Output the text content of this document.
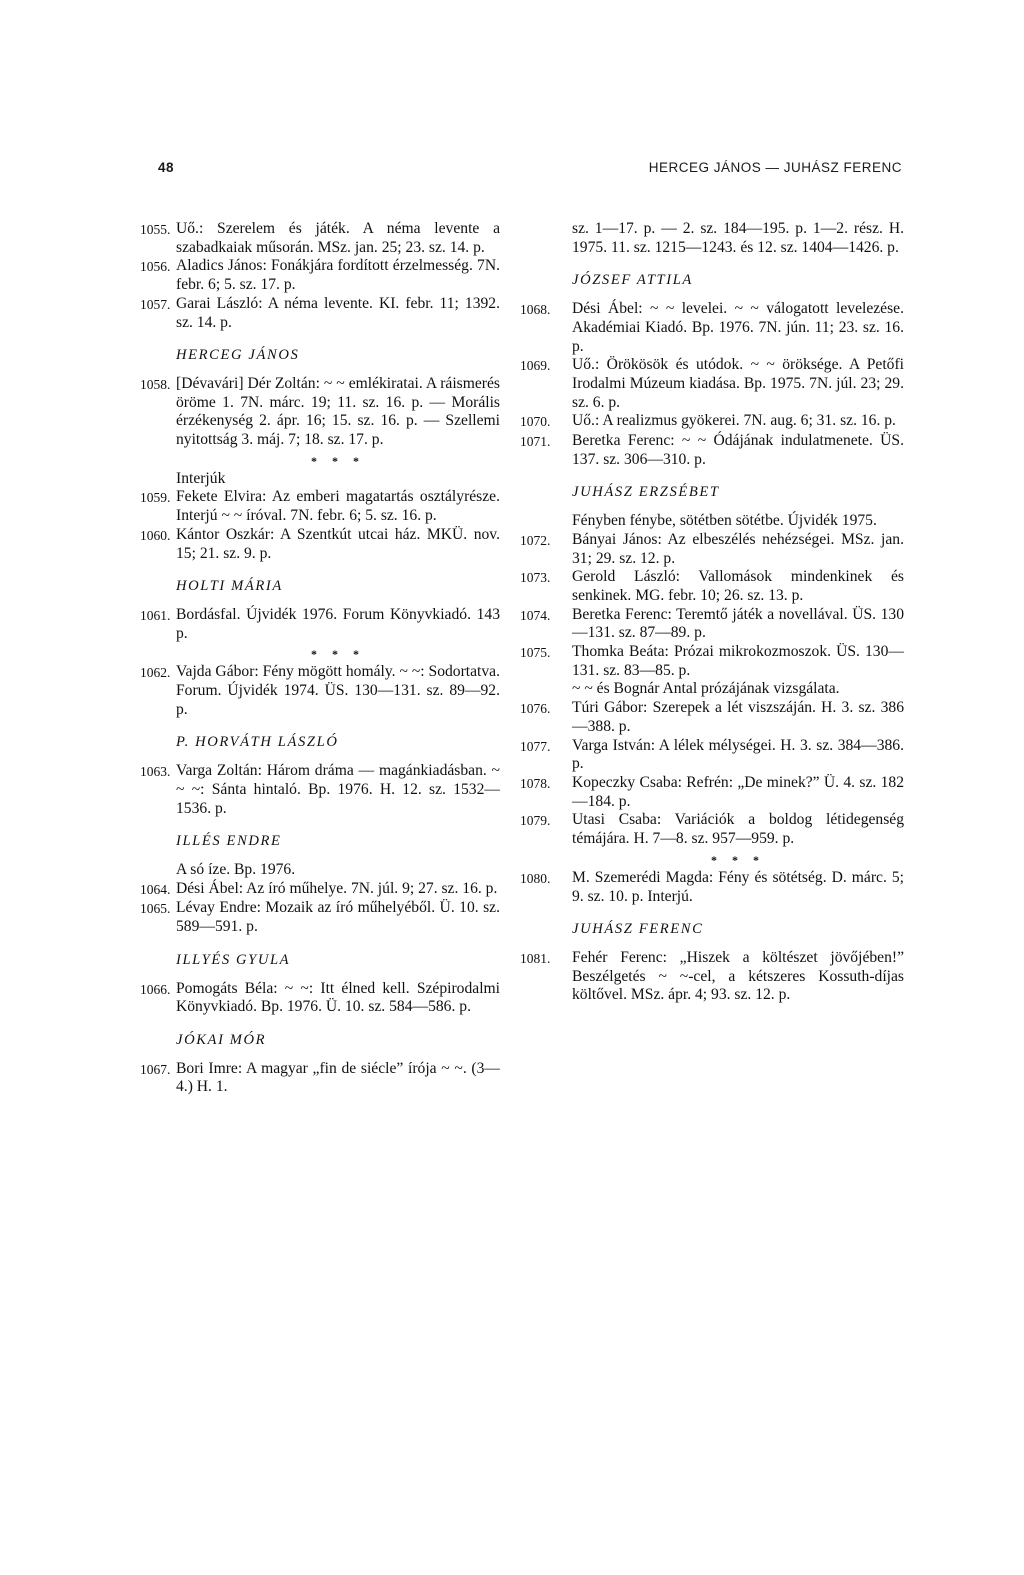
48	HERCEG JÁNOS — JUHÁSZ FERENC
1055. Uő.: Szerelem és játék. A néma levente a szabadkaiak műsorán. MSz. jan. 25; 23. sz. 14. p.
1056. Aladics János: Fonákjára fordított érzelmesség. 7N. febr. 6; 5. sz. 17. p.
1057. Garai László: A néma levente. KI. febr. 11; 1392. sz. 14. p.
HERCEG JÁNOS
1058. [Dévavári] Dér Zoltán: ~ ~ emlékiratai. A ráismerés öröme 1. 7N. márc. 19; 11. sz. 16. p. — Morális érzékenység 2. ápr. 16; 15. sz. 16. p. — Szellemi nyitottság 3. máj. 7; 18. sz. 17. p.
* * *
Interjúk
1059. Fekete Elvira: Az emberi magatartás osztályrésze. Interjú ~ ~ íróval. 7N. febr. 6; 5. sz. 16. p.
1060. Kántor Oszkár: A Szentkút utcai ház. MKÜ. nov. 15; 21. sz. 9. p.
HOLTI MÁRIA
1061. Bordásfal. Újvidék 1976. Forum Könyvkiadó. 143 p.
* * *
1062. Vajda Gábor: Fény mögött homály. ~ ~: Sodortatva. Forum. Újvidék 1974. ÜS. 130—131. sz. 89—92. p.
P. HORVÁTH LÁSZLÓ
1063. Varga Zoltán: Három dráma — magánkiadásban. ~ ~ ~: Sánta hintaló. Bp. 1976. H. 12. sz. 1532—1536. p.
ILLÉS ENDRE
A só íze. Bp. 1976.
1064. Dési Ábel: Az író műhelye. 7N. júl. 9; 27. sz. 16. p.
1065. Lévay Endre: Mozaik az író műhelyéből. Ü. 10. sz. 589—591. p.
ILLYÉS GYULA
1066. Pomogáts Béla: ~ ~: Itt élned kell. Szépirodalmi Könyvkiadó. Bp. 1976. Ü. 10. sz. 584—586. p.
JÓKAI MÓR
1067. Bori Imre: A magyar „fin de siécle” írója ~ ~. (3—4.) H. 1.
sz. 1—17. p. — 2. sz. 184—195. p. 1—2. rész. H. 1975. 11. sz. 1215—1243. és 12. sz. 1404—1426. p.
JÓZSEF ATTILA
1068.	Dési Ábel: ~ ~ levelei. ~ ~ válogatott levelezése. Akadémiai Kiadó. Bp. 1976. 7N. jún. 11; 23. sz. 16. p.
1069.	Uő.: Örökösök és utódok. ~ ~ öröksége. A Petőfi Irodalmi Múzeum kiadása. Bp. 1975. 7N. júl. 23; 29. sz. 6. p.
1070.	Uő.: A realizmus gyökerei. 7N. aug. 6; 31. sz. 16. p.
1071.	Beretka Ferenc: ~ ~ Ódájának indulatmenete. ÜS. 137. sz. 306—310. p.
JUHÁSZ ERZSÉBET
Fényben fénybe, sötétben sötétbe. Újvidék 1975.
1072.	Bányai János: Az elbeszélés nehézségei. MSz. jan. 31; 29. sz. 12. p.
1073.	Gerold László: Vallomások mindenkinek és senkinek. MG. febr. 10; 26. sz. 13. p.
1074.	Beretka Ferenc: Teremtő játék a novellával. ÜS. 130—131. sz. 87—89. p.
1075.	Thomka Beáta: Prózai mikrokozmoszok. ÜS. 130—131. sz. 83—85. p.
~ ~ és Bognár Antal prózájának vizsgálata.
1076.	Túri Gábor: Szerepek a lét viszszáján. H. 3. sz. 386—388. p.
1077.	Varga István: A lélek mélységei. H. 3. sz. 384—386. p.
1078.	Kopeczky Csaba: Refrén: „De minek?” Ü. 4. sz. 182—184. p.
1079.	Utasi Csaba: Variációk a boldog létidegenség témájára. H. 7—8. sz. 957—959. p.
* * *
1080.	M. Szemerédi Magda: Fény és sötétség. D. márc. 5; 9. sz. 10. p. Interjú.
JUHÁSZ FERENC
1081.	Fehér Ferenc: „Hiszek a költészet jövőjében!” Beszélgetés ~ ~-cel, a kétszeres Kossuth-díjas költővel. MSz. ápr. 4; 93. sz. 12. p.
